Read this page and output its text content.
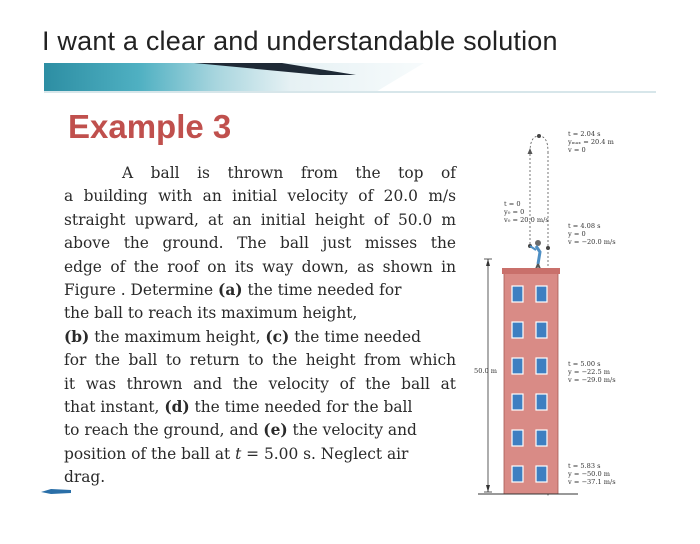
I want a clear and understandable solution
Example 3
A ball is thrown from the top of
a building with an initial velocity of 20.0 m/s
straight upward, at an initial height of 50.0 m
above the ground. The ball just misses the
edge of the roof on its way down, as shown in
Figure . Determine (a) the time needed for
the ball to reach its maximum height,
(b) the maximum height, (c) the time needed
for the ball to return to the height from which
it was thrown and the velocity of the ball at
that instant, (d) the time needed for the ball
to reach the ground, and (e) the velocity and
position of the ball at t = 5.00 s. Neglect air
drag.
50.0 m
t = 0
y₀ = 0
v₀ = 20.0 m/s
t = 2.04 s
yₘₐₓ = 20.4 m
v = 0
t = 4.08 s
y = 0
v = −20.0 m/s
t = 5.00 s
y = −22.5 m
v = −29.0 m/s
t = 5.83 s
y = −50.0 m
v = −37.1 m/s
